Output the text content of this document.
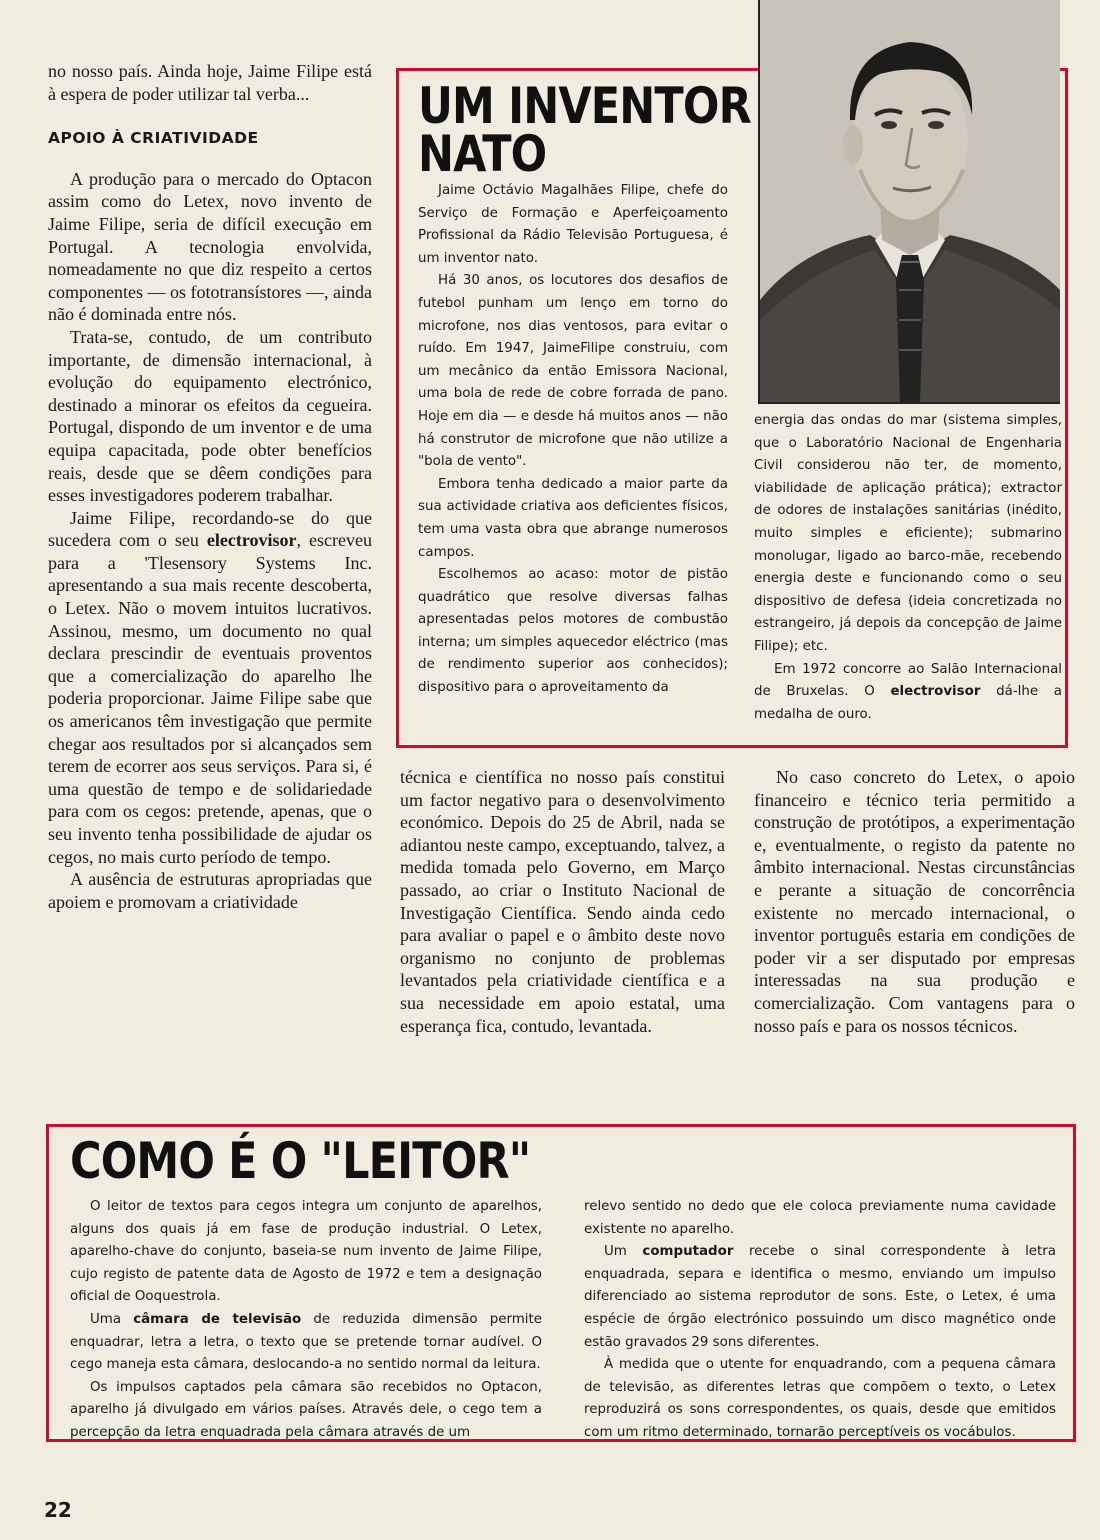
no nosso país. Ainda hoje, Jaime Filipe está à espera de poder utilizar tal verba...

APOIO À CRIATIVIDADE

A produção para o mercado do Optacon assim como do Letex, novo invento de Jaime Filipe, seria de difícil execução em Portugal. A tecnologia envolvida, nomeadamente no que diz respeito a certos componentes — os fototransístores —, ainda não é dominada entre nós.

Trata-se, contudo, de um contributo importante, de dimensão internacional, à evolução do equipamento electrónico, destinado a minorar os efeitos da cegueira. Portugal, dispondo de um inventor e de uma equipa capacitada, pode obter benefícios reais, desde que se dêem condições para esses investigadores poderem trabalhar.

Jaime Filipe, recordando-se do que sucedera com o seu electrovisor, escreveu para a 'Tlesensory Systems Inc. apresentando a sua mais recente descoberta, o Letex. Não o movem intuitos lucrativos. Assinou, mesmo, um documento no qual declara prescindir de eventuais proventos que a comercialização do aparelho lhe poderia proporcionar. Jaime Filipe sabe que os americanos têm investigação que permite chegar aos resultados por si alcançados sem terem de ecorrer aos seus serviços. Para si, é uma questão de tempo e de solidariedade para com os cegos: pretende, apenas, que o seu invento tenha possibilidade de ajudar os cegos, no mais curto período de tempo.

A ausência de estruturas apropriadas que apoiem e promovam a criatividade

UM INVENTOR
NATO

Jaime Octávio Magalhães Filipe, chefe do Serviço de Formação e Aperfeiçoamento Profissional da Rádio Televisão Portuguesa, é um inventor nato.

Há 30 anos, os locutores dos desafios de futebol punham um lenço em torno do microfone, nos dias ventosos, para evitar o ruído. Em 1947, JaimeFilipe construiu, com um mecânico da então Emissora Nacional, uma bola de rede de cobre forrada de pano. Hoje em dia — e desde há muitos anos — não há construtor de microfone que não utilize a "bola de vento".

Embora tenha dedicado a maior parte da sua actividade criativa aos deficientes físicos, tem uma vasta obra que abrange numerosos campos.

Escolhemos ao acaso: motor de pistão quadrático que resolve diversas falhas apresentadas pelos motores de combustão interna; um simples aquecedor eléctrico (mas de rendimento superior aos conhecidos); dispositivo para o aproveitamento da

energia das ondas do mar (sistema simples, que o Laboratório Nacional de Engenharia Civil considerou não ter, de momento, viabilidade de aplicação prática); extractor de odores de instalações sanitárias (inédito, muito simples e eficiente); submarino monolugar, ligado ao barco-mãe, recebendo energia deste e funcionando como o seu dispositivo de defesa (ideia concretizada no estrangeiro, já depois da concepção de Jaime Filipe); etc.

Em 1972 concorre ao Salão Internacional de Bruxelas. O electrovisor dá-lhe a medalha de ouro.

técnica e científica no nosso país constitui um factor negativo para o desenvolvimento económico. Depois do 25 de Abril, nada se adiantou neste campo, exceptuando, talvez, a medida tomada pelo Governo, em Março passado, ao criar o Instituto Nacional de Investigação Científica. Sendo ainda cedo para avaliar o papel e o âmbito deste novo organismo no conjunto de problemas levantados pela criatividade científica e a sua necessidade em apoio estatal, uma esperança fica, contudo, levantada.

No caso concreto do Letex, o apoio financeiro e técnico teria permitido a construção de protótipos, a experimentação e, eventualmente, o registo da patente no âmbito internacional. Nestas circunstâncias e perante a situação de concorrência existente no mercado internacional, o inventor português estaria em condições de poder vir a ser disputado por empresas interessadas na sua produção e comercialização. Com vantagens para o nosso país e para os nossos técnicos.

COMO É O "LEITOR"

O leitor de textos para cegos integra um conjunto de aparelhos, alguns dos quais já em fase de produção industrial. O Letex, aparelho-chave do conjunto, baseia-se num invento de Jaime Filipe, cujo registo de patente data de Agosto de 1972 e tem a designação oficial de Ooquestrola.

Uma câmara de televisão de reduzida dimensão permite enquadrar, letra a letra, o texto que se pretende tornar audível. O cego maneja esta câmara, deslocando-a no sentido normal da leitura.

Os impulsos captados pela câmara são recebidos no Optacon, aparelho já divulgado em vários países. Através dele, o cego tem a percepção da letra enquadrada pela câmara através de um

relevo sentido no dedo que ele coloca previamente numa cavidade existente no aparelho.

Um computador recebe o sinal correspondente à letra enquadrada, separa e identifica o mesmo, enviando um impulso diferenciado ao sistema reprodutor de sons. Este, o Letex, é uma espécie de órgão electrónico possuindo um disco magnético onde estão gravados 29 sons diferentes.

À medida que o utente for enquadrando, com a pequena câmara de televisão, as diferentes letras que compõem o texto, o Letex reproduzirá os sons correspondentes, os quais, desde que emitidos com um ritmo determinado, tornarão perceptíveis os vocábulos.

22
